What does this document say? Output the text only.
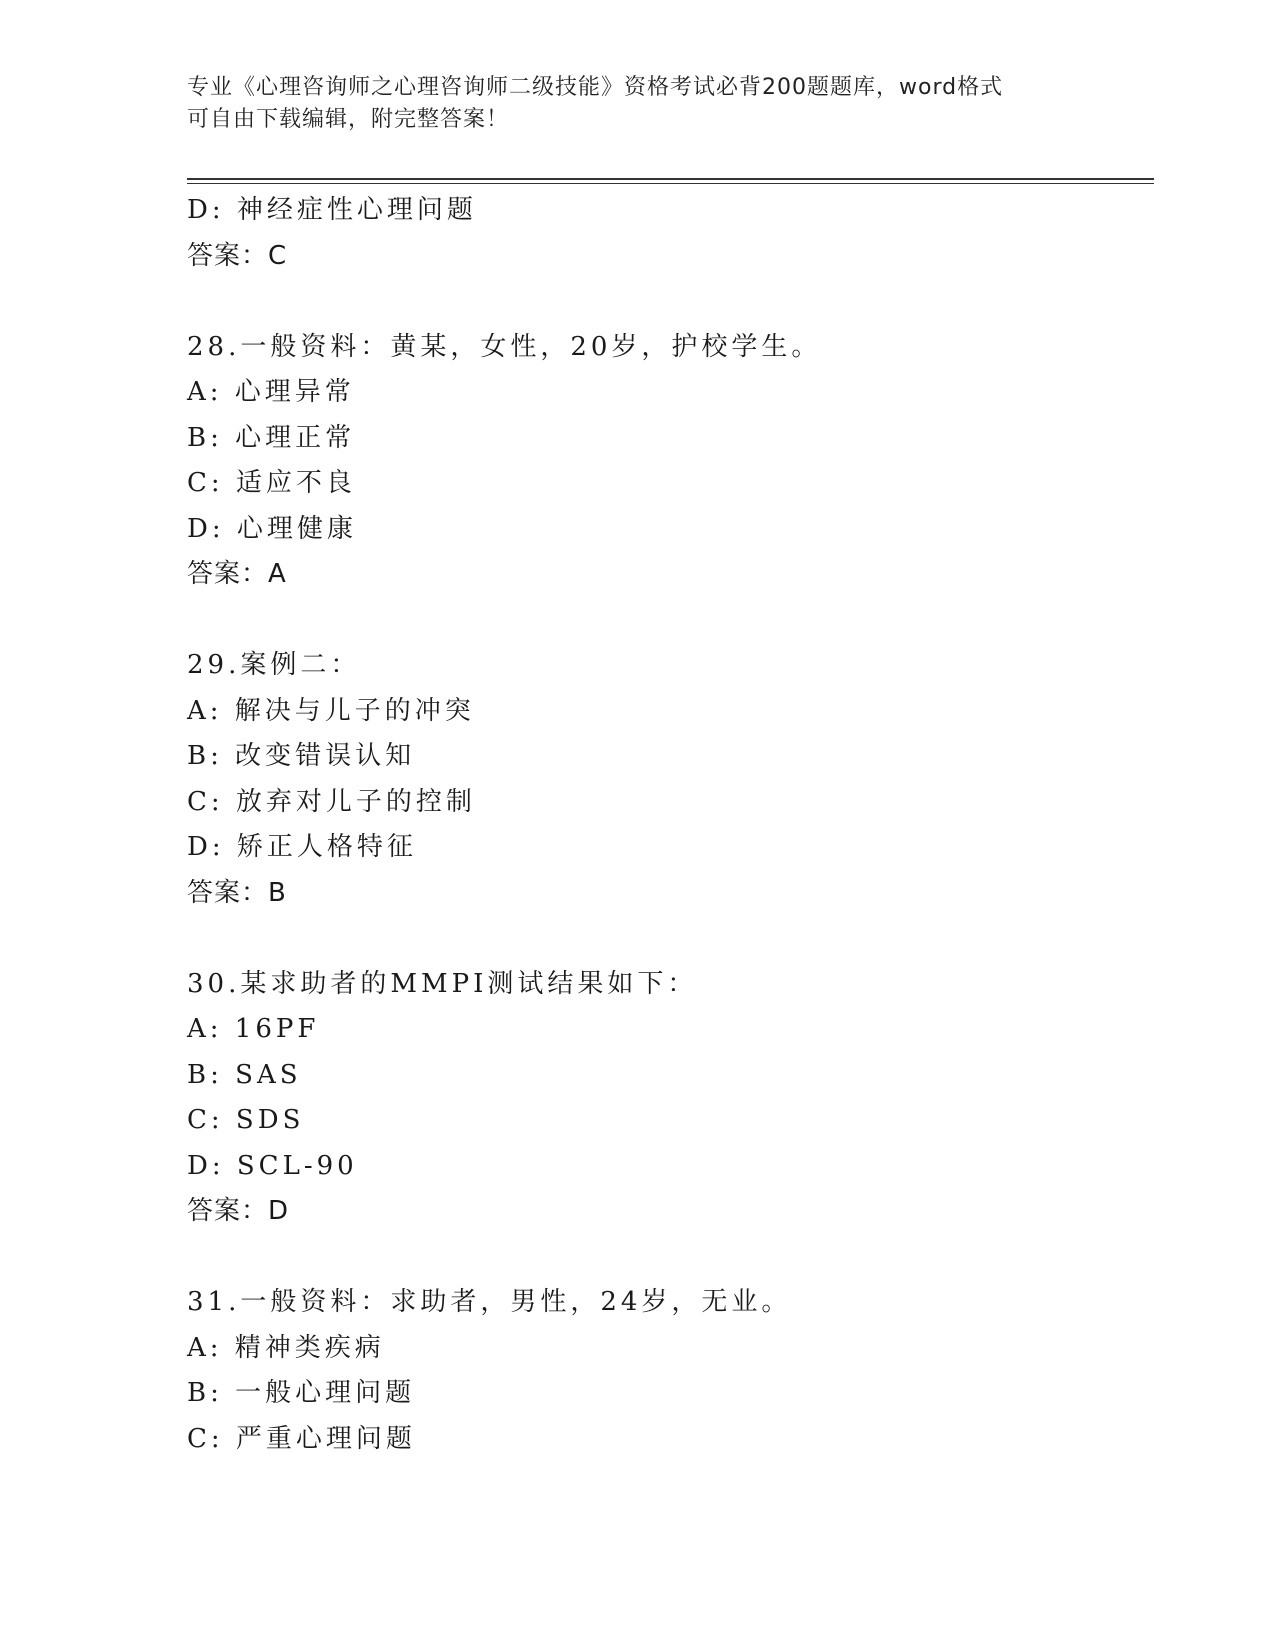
专业《心理咨询师之心理咨询师二级技能》资格考试必背200题题库，word格式
可自由下载编辑，附完整答案！
D: 神经症性心理问题
答案：C
28.一般资料：黄某，女性，20岁，护校学生。
A: 心理异常
B: 心理正常
C: 适应不良
D: 心理健康
答案：A
29.案例二：
A: 解决与儿子的冲突
B: 改变错误认知
C: 放弃对儿子的控制
D: 矫正人格特征
答案：B
30.某求助者的MMPI测试结果如下：
A: 16PF
B: SAS
C: SDS
D: SCL-90
答案：D
31.一般资料：求助者，男性，24岁，无业。
A: 精神类疾病
B: 一般心理问题
C: 严重心理问题
